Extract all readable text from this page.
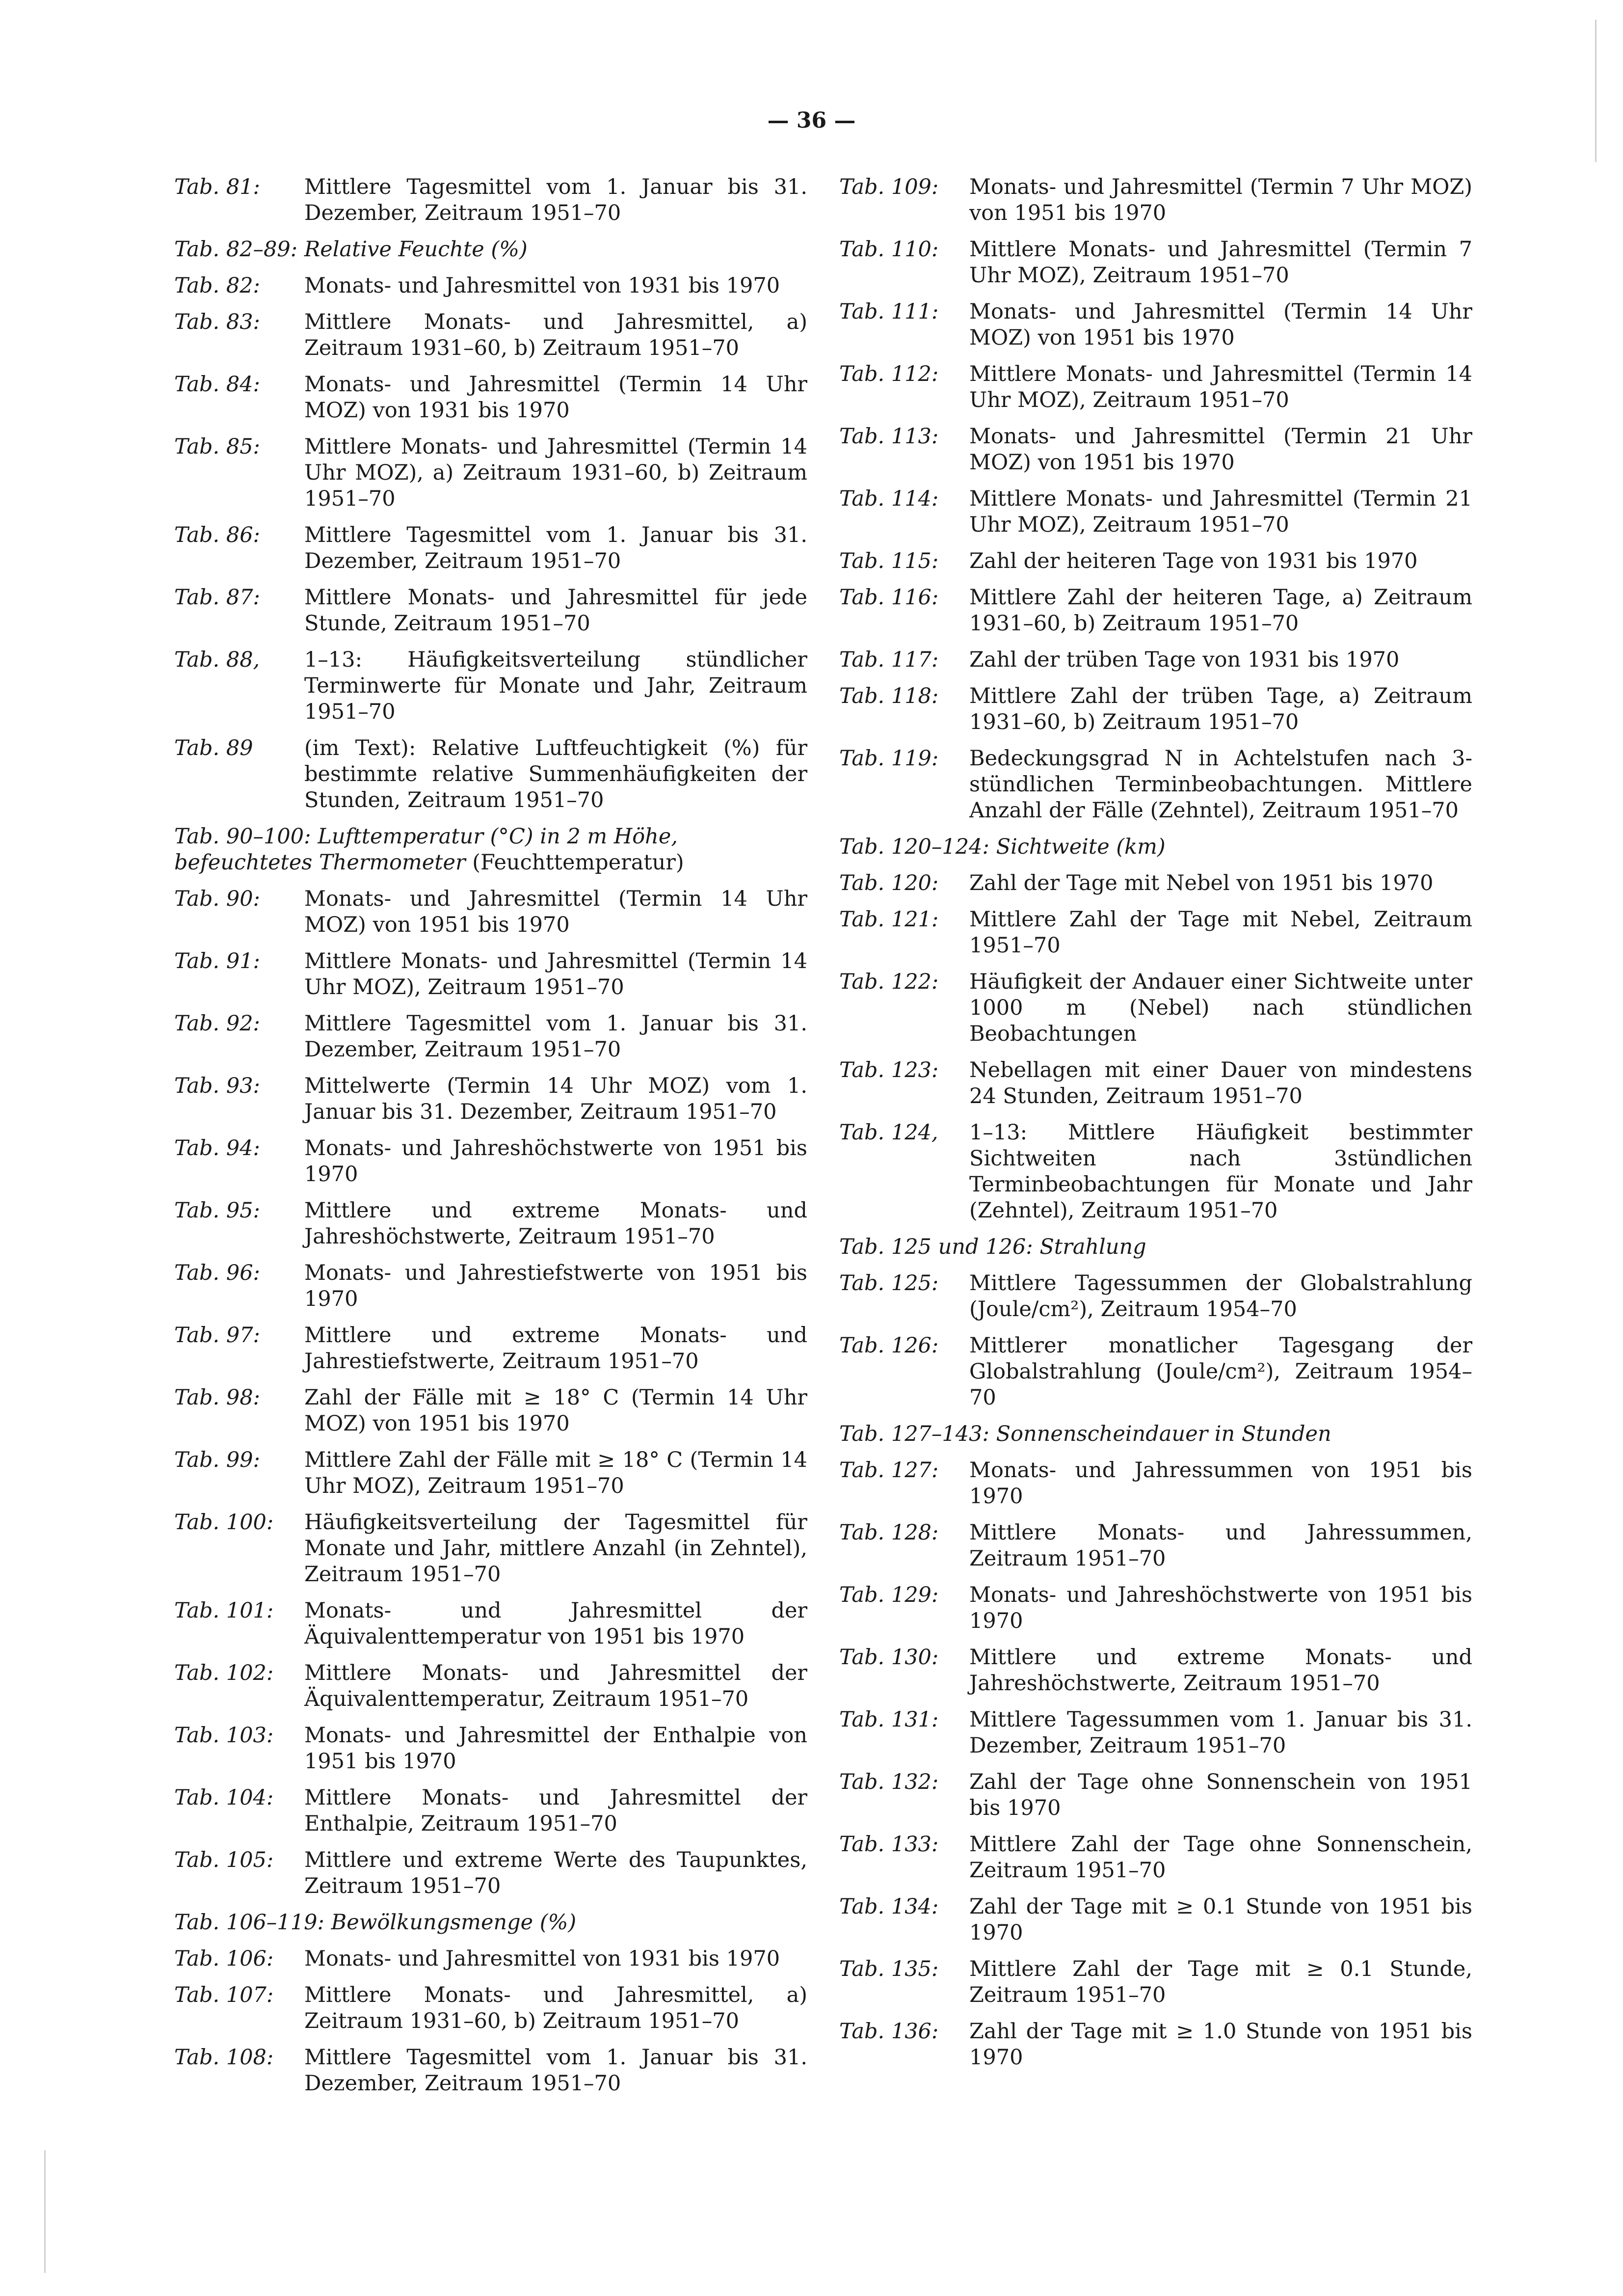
— 36 —
Tab. 81:	Mittlere Tagesmittel vom 1. Januar bis 31. Dezember, Zeitraum 1951–70
Tab. 82–89: Relative Feuchte (%)
Tab. 82:	Monats- und Jahresmittel von 1931 bis 1970
Tab. 83:	Mittlere Monats- und Jahresmittel, a) Zeitraum 1931–60, b) Zeitraum 1951–70
Tab. 84:	Monats- und Jahresmittel (Termin 14 Uhr MOZ) von 1931 bis 1970
Tab. 85:	Mittlere Monats- und Jahresmittel (Termin 14 Uhr MOZ), a) Zeitraum 1931–60, b) Zeitraum 1951–70
Tab. 86:	Mittlere Tagesmittel vom 1. Januar bis 31. Dezember, Zeitraum 1951–70
Tab. 87:	Mittlere Monats- und Jahresmittel für jede Stunde, Zeitraum 1951–70
Tab. 88,	1–13: Häufigkeitsverteilung stündlicher Terminwerte für Monate und Jahr, Zeitraum 1951–70
Tab. 89	(im Text): Relative Luftfeuchtigkeit (%) für bestimmte relative Summenhäufigkeiten der Stunden, Zeitraum 1951–70
Tab. 90–100: Lufttemperatur (°C) in 2 m Höhe, befeuchtetes Thermometer (Feuchttemperatur)
Tab. 90:	Monats- und Jahresmittel (Termin 14 Uhr MOZ) von 1951 bis 1970
Tab. 91:	Mittlere Monats- und Jahresmittel (Termin 14 Uhr MOZ), Zeitraum 1951–70
Tab. 92:	Mittlere Tagesmittel vom 1. Januar bis 31. Dezember, Zeitraum 1951–70
Tab. 93:	Mittelwerte (Termin 14 Uhr MOZ) vom 1. Januar bis 31. Dezember, Zeitraum 1951–70
Tab. 94:	Monats- und Jahreshöchstwerte von 1951 bis 1970
Tab. 95:	Mittlere und extreme Monats- und Jahreshöchstwerte, Zeitraum 1951–70
Tab. 96:	Monats- und Jahrestiefstwerte von 1951 bis 1970
Tab. 97:	Mittlere und extreme Monats- und Jahrestiefstwerte, Zeitraum 1951–70
Tab. 98:	Zahl der Fälle mit ≥ 18° C (Termin 14 Uhr MOZ) von 1951 bis 1970
Tab. 99:	Mittlere Zahl der Fälle mit ≥ 18° C (Termin 14 Uhr MOZ), Zeitraum 1951–70
Tab. 100:	Häufigkeitsverteilung der Tagesmittel für Monate und Jahr, mittlere Anzahl (in Zehntel), Zeitraum 1951–70
Tab. 101:	Monats- und Jahresmittel der Äquivalenttemperatur von 1951 bis 1970
Tab. 102:	Mittlere Monats- und Jahresmittel der Äquivalenttemperatur, Zeitraum 1951–70
Tab. 103:	Monats- und Jahresmittel der Enthalpie von 1951 bis 1970
Tab. 104:	Mittlere Monats- und Jahresmittel der Enthalpie, Zeitraum 1951–70
Tab. 105:	Mittlere und extreme Werte des Taupunktes, Zeitraum 1951–70
Tab. 106–119: Bewölkungsmenge (%)
Tab. 106:	Monats- und Jahresmittel von 1931 bis 1970
Tab. 107:	Mittlere Monats- und Jahresmittel, a) Zeitraum 1931–60, b) Zeitraum 1951–70
Tab. 108:	Mittlere Tagesmittel vom 1. Januar bis 31. Dezember, Zeitraum 1951–70
Tab. 109:	Monats- und Jahresmittel (Termin 7 Uhr MOZ) von 1951 bis 1970
Tab. 110:	Mittlere Monats- und Jahresmittel (Termin 7 Uhr MOZ), Zeitraum 1951–70
Tab. 111:	Monats- und Jahresmittel (Termin 14 Uhr MOZ) von 1951 bis 1970
Tab. 112:	Mittlere Monats- und Jahresmittel (Termin 14 Uhr MOZ), Zeitraum 1951–70
Tab. 113:	Monats- und Jahresmittel (Termin 21 Uhr MOZ) von 1951 bis 1970
Tab. 114:	Mittlere Monats- und Jahresmittel (Termin 21 Uhr MOZ), Zeitraum 1951–70
Tab. 115:	Zahl der heiteren Tage von 1931 bis 1970
Tab. 116:	Mittlere Zahl der heiteren Tage, a) Zeitraum 1931–60, b) Zeitraum 1951–70
Tab. 117:	Zahl der trüben Tage von 1931 bis 1970
Tab. 118:	Mittlere Zahl der trüben Tage, a) Zeitraum 1931–60, b) Zeitraum 1951–70
Tab. 119:	Bedeckungsgrad N in Achtelstufen nach 3-stündlichen Terminbeobachtungen. Mittlere Anzahl der Fälle (Zehntel), Zeitraum 1951–70
Tab. 120–124: Sichtweite (km)
Tab. 120:	Zahl der Tage mit Nebel von 1951 bis 1970
Tab. 121:	Mittlere Zahl der Tage mit Nebel, Zeitraum 1951–70
Tab. 122:	Häufigkeit der Andauer einer Sichtweite unter 1000 m (Nebel) nach stündlichen Beobachtungen
Tab. 123:	Nebellagen mit einer Dauer von mindestens 24 Stunden, Zeitraum 1951–70
Tab. 124,	1–13: Mittlere Häufigkeit bestimmter Sichtweiten nach 3stündlichen Terminbeobachtungen für Monate und Jahr (Zehntel), Zeitraum 1951–70
Tab. 125 und 126: Strahlung
Tab. 125:	Mittlere Tagessummen der Globalstrahlung (Joule/cm²), Zeitraum 1954–70
Tab. 126:	Mittlerer monatlicher Tagesgang der Globalstrahlung (Joule/cm²), Zeitraum 1954–70
Tab. 127–143: Sonnenscheindauer in Stunden
Tab. 127:	Monats- und Jahressummen von 1951 bis 1970
Tab. 128:	Mittlere Monats- und Jahressummen, Zeitraum 1951–70
Tab. 129:	Monats- und Jahreshöchstwerte von 1951 bis 1970
Tab. 130:	Mittlere und extreme Monats- und Jahreshöchstwerte, Zeitraum 1951–70
Tab. 131:	Mittlere Tagessummen vom 1. Januar bis 31. Dezember, Zeitraum 1951–70
Tab. 132:	Zahl der Tage ohne Sonnenschein von 1951 bis 1970
Tab. 133:	Mittlere Zahl der Tage ohne Sonnenschein, Zeitraum 1951–70
Tab. 134:	Zahl der Tage mit ≥ 0.1 Stunde von 1951 bis 1970
Tab. 135:	Mittlere Zahl der Tage mit ≥ 0.1 Stunde, Zeitraum 1951–70
Tab. 136:	Zahl der Tage mit ≥ 1.0 Stunde von 1951 bis 1970
